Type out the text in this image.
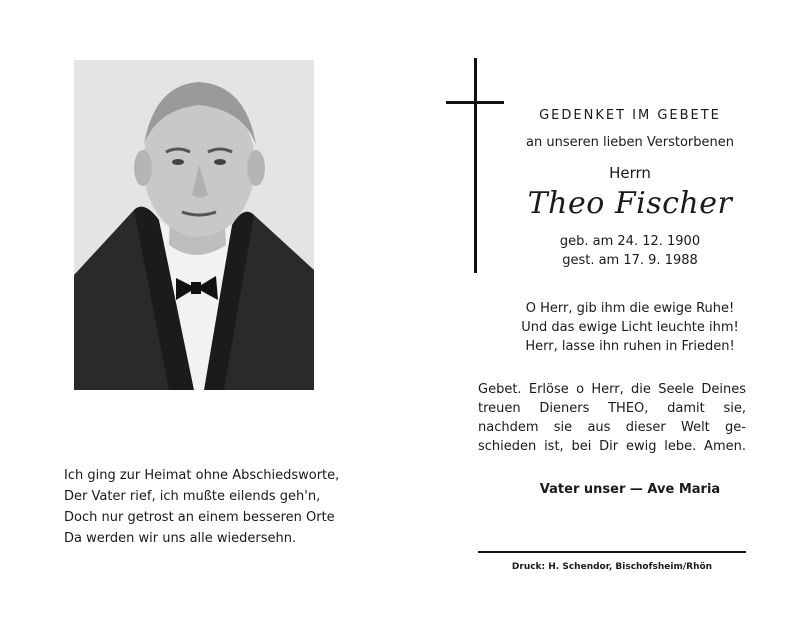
Ich ging zur Heimat ohne Abschiedsworte,
Der Vater rief, ich mußte eilends geh'n,
Doch nur getrost an einem besseren Orte
Da werden wir uns alle wiedersehn.
GEDENKET IM GEBETE
an unseren lieben Verstorbenen
Herrn
Theo Fischer
geb. am 24. 12. 1900
gest. am 17. 9. 1988
O Herr, gib ihm die ewige Ruhe!
Und das ewige Licht leuchte ihm!
Herr, lasse ihn ruhen in Frieden!
Gebet. Erlöse o Herr, die Seele Deines
treuen Dieners THEO, damit sie,
nachdem sie aus dieser Welt ge-
schieden ist, bei Dir ewig lebe. Amen.
Vater unser — Ave Maria
Druck: H. Schendor, Bischofsheim/Rhön
